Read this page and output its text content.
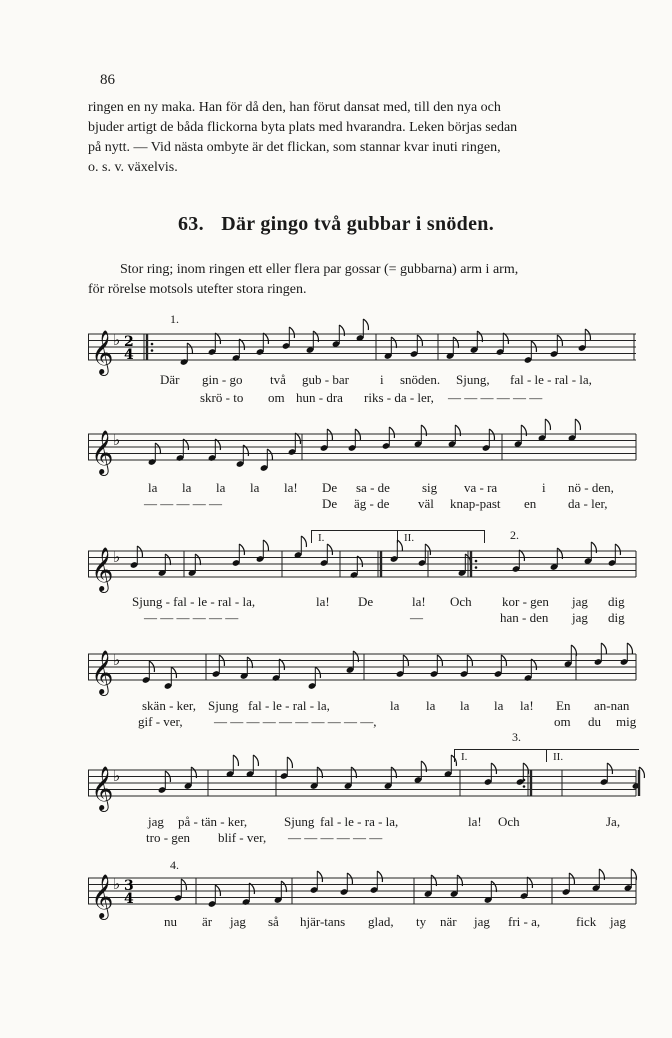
86
ringen en ny maka. Han för då den, han förut dansat med, till den nya och
bjuder artigt de båda flickorna byta plats med hvarandra. Leken börjas sedan
på nytt. — Vid nästa ombyte är det flickan, som stannar kvar inuti ringen,
o. s. v. växelvis.
63. Där gingo två gubbar i snöden.
Stor ring; inom ringen ett eller flera par gossar (= gubbarna) arm i arm,
för rörelse motsols utefter stora ringen.
1.
2.
3.
4.
I.	II.
I.	II.
𝄞 ♭ 2
4
𝄞 ♭
𝄞 ♭
𝄞 ♭
𝄞 ♭
𝄞 ♭ 3
4
Där gin - go två gub - bar i snöden. Sjung, fal - le - ral - la,
skrö - to om hun - dra riks - da - ler, — — — — — —
la la la la la! De sa - de sig va - ra	i nö - den,
— — — — —	De äg - de väl knap-past en da - ler,
Sjung - fal - le - ral - la,	la! De	la! Och kor - gen jag dig
— — — — — —	—	han - den jag dig
skän - ker, Sjung fal - le - ral - la,	la la la la la! En an-nan
gif - ver, — — — — — — — — — —,	om du mig
jag på - tän - ker,	Sjung fal - le - ra - la,	la! Och	Ja,
tro - gen blif - ver, — — — — — —
nu är jag så hjär-tans glad, ty när jag fri - a,	fick jag
